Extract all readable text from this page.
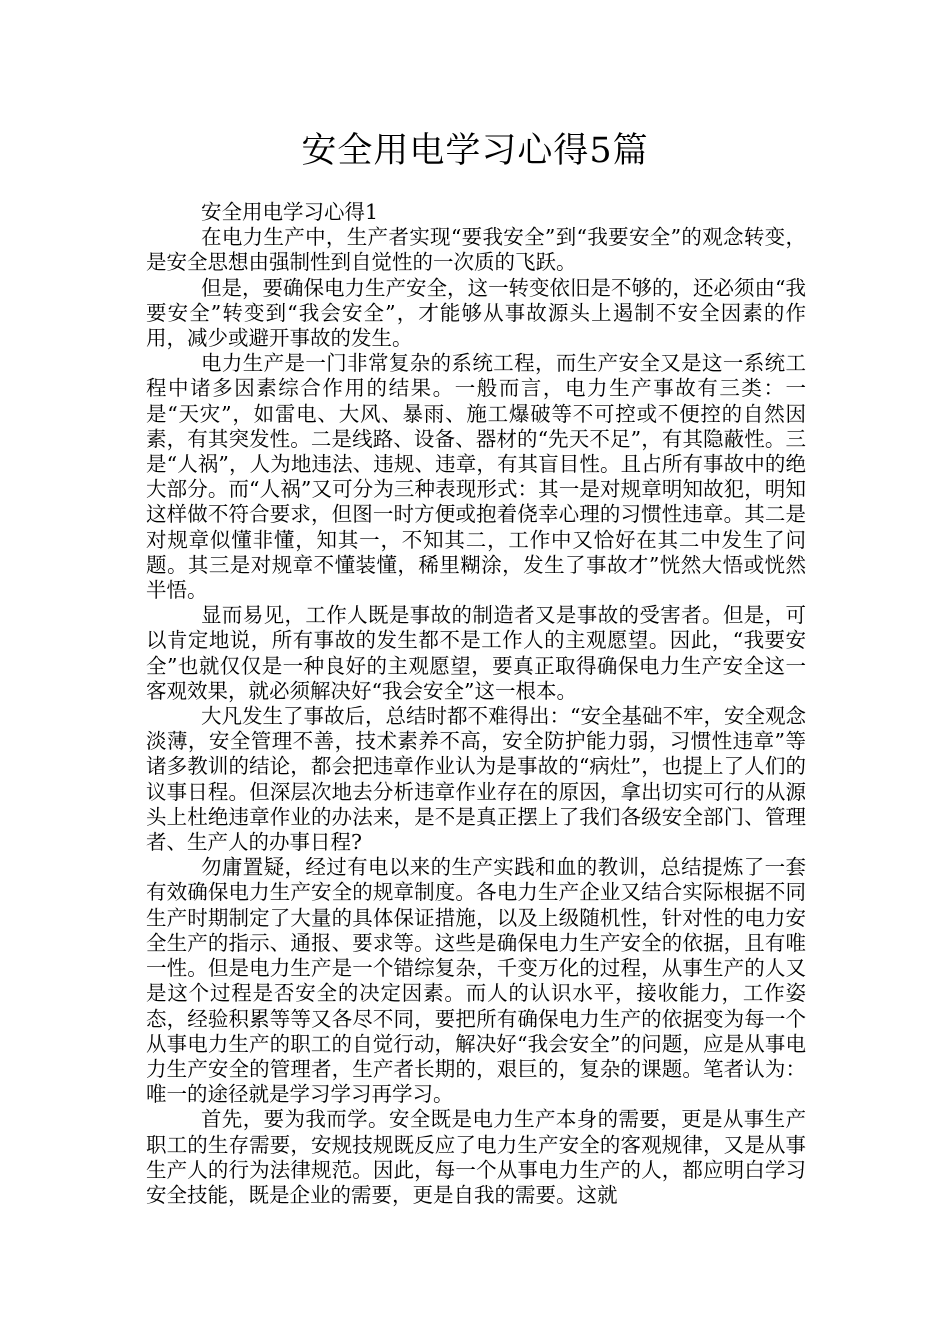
安全用电学习心得5篇

安全用电学习心得1

在电力生产中，生产者实现“要我安全”到“我要安全”的观念转变，是安全思想由强制性到自觉性的一次质的飞跃。

但是，要确保电力生产安全，这一转变依旧是不够的，还必须由“我要安全”转变到“我会安全”，才能够从事故源头上遏制不安全因素的作用，减少或避开事故的发生。

电力生产是一门非常复杂的系统工程，而生产安全又是这一系统工程中诸多因素综合作用的结果。一般而言，电力生产事故有三类：一是“天灾”，如雷电、大风、暴雨、施工爆破等不可控或不便控的自然因素，有其突发性。二是线路、设备、器材的“先天不足”，有其隐蔽性。三是“人祸”，人为地违法、违规、违章，有其盲目性。且占所有事故中的绝大部分。而“人祸”又可分为三种表现形式：其一是对规章明知故犯，明知这样做不符合要求，但图一时方便或抱着侥幸心理的习惯性违章。其二是对规章似懂非懂，知其一，不知其二，工作中又恰好在其二中发生了问题。其三是对规章不懂装懂，稀里糊涂，发生了事故才”恍然大悟或恍然半悟。

显而易见，工作人既是事故的制造者又是事故的受害者。但是，可以肯定地说，所有事故的发生都不是工作人的主观愿望。因此，“我要安全”也就仅仅是一种良好的主观愿望，要真正取得确保电力生产安全这一客观效果，就必须解决好“我会安全”这一根本。

大凡发生了事故后，总结时都不难得出：“安全基础不牢，安全观念淡薄，安全管理不善，技术素养不高，安全防护能力弱，习惯性违章”等诸多教训的结论，都会把违章作业认为是事故的“病灶”，也提上了人们的议事日程。但深层次地去分析违章作业存在的原因，拿出切实可行的从源头上杜绝违章作业的办法来，是不是真正摆上了我们各级安全部门、管理者、生产人的办事日程?

勿庸置疑，经过有电以来的生产实践和血的教训，总结提炼了一套有效确保电力生产安全的规章制度。各电力生产企业又结合实际根据不同生产时期制定了大量的具体保证措施，以及上级随机性，针对性的电力安全生产的指示、通报、要求等。这些是确保电力生产安全的依据，且有唯一性。但是电力生产是一个错综复杂，千变万化的过程，从事生产的人又是这个过程是否安全的决定因素。而人的认识水平，接收能力，工作姿态，经验积累等等又各尽不同，要把所有确保电力生产的依据变为每一个从事电力生产的职工的自觉行动，解决好“我会安全”的问题，应是从事电力生产安全的管理者，生产者长期的，艰巨的，复杂的课题。笔者认为：唯一的途径就是学习学习再学习。

首先，要为我而学。安全既是电力生产本身的需要，更是从事生产职工的生存需要，安规技规既反应了电力生产安全的客观规律，又是从事生产人的行为法律规范。因此，每一个从事电力生产的人，都应明白学习安全技能，既是企业的需要，更是自我的需要。这就
